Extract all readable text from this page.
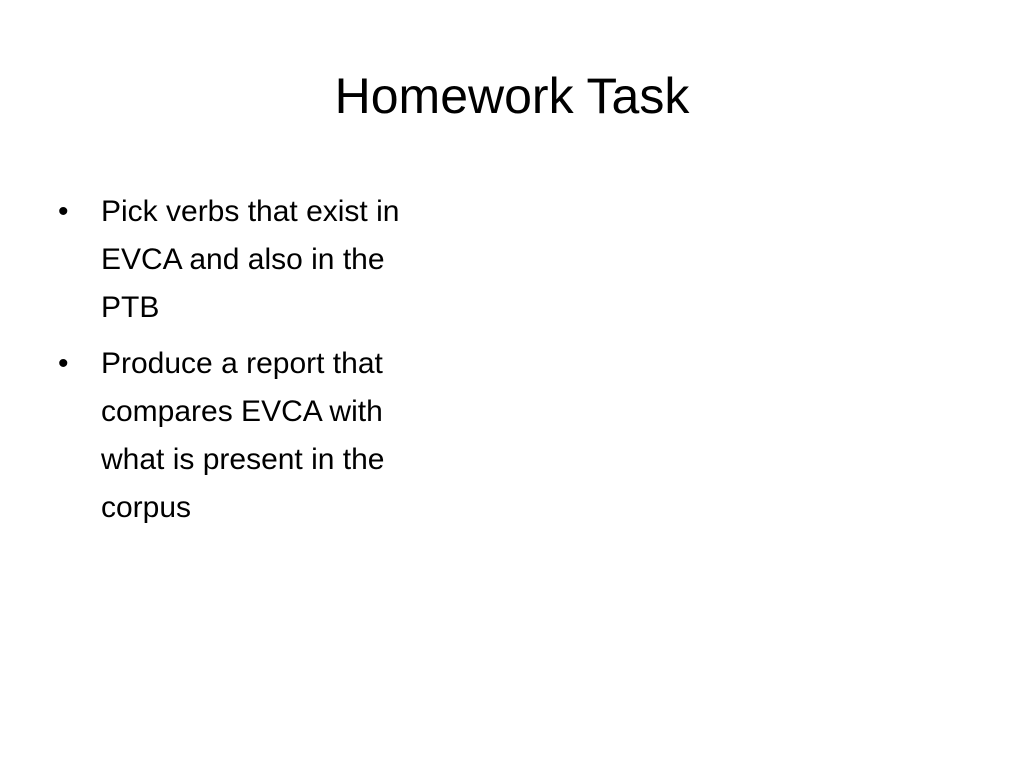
Homework Task
•	Pick verbs that exist in
EVCA and also in the
PTB
•	Produce a report that
compares EVCA with
what is present in the
corpus
